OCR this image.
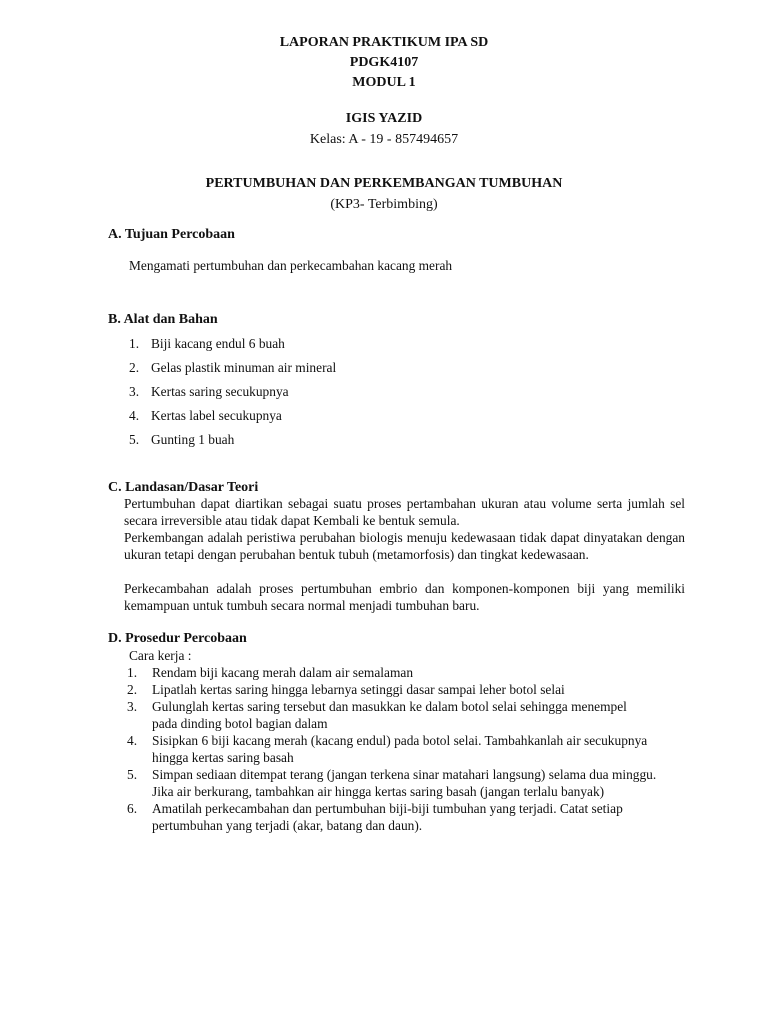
LAPORAN PRAKTIKUM IPA SD
PDGK4107
MODUL 1
IGIS YAZID
Kelas: A - 19 - 857494657
PERTUMBUHAN DAN PERKEMBANGAN TUMBUHAN
(KP3- Terbimbing)
A. Tujuan Percobaan
Mengamati pertumbuhan dan perkecambahan kacang merah
B. Alat dan Bahan
1. Biji kacang endul 6 buah
2. Gelas plastik minuman air mineral
3. Kertas saring secukupnya
4. Kertas label secukupnya
5. Gunting 1 buah
C. Landasan/Dasar Teori
Pertumbuhan dapat diartikan sebagai suatu proses pertambahan ukuran atau volume serta jumlah sel secara irreversible atau tidak dapat Kembali ke bentuk semula.
Perkembangan adalah peristiwa perubahan biologis menuju kedewasaan tidak dapat dinyatakan dengan ukuran tetapi dengan perubahan bentuk tubuh (metamorfosis) dan tingkat kedewasaan.
Perkecambahan adalah proses pertumbuhan embrio dan komponen-komponen biji yang memiliki kemampuan untuk tumbuh secara normal menjadi tumbuhan baru.
D. Prosedur Percobaan
Cara kerja :
1. Rendam biji kacang merah dalam air semalaman
2. Lipatlah kertas saring hingga lebarnya setinggi dasar sampai leher botol selai
3. Gulunglah kertas saring tersebut dan masukkan ke dalam botol selai sehingga menempel pada dinding botol bagian dalam
4. Sisipkan 6 biji kacang merah (kacang endul) pada botol selai. Tambahkanlah air secukupnya hingga kertas saring basah
5. Simpan sediaan ditempat terang (jangan terkena sinar matahari langsung) selama dua minggu. Jika air berkurang, tambahkan air hingga kertas saring basah (jangan terlalu banyak)
6. Amatilah perkecambahan dan pertumbuhan biji-biji tumbuhan yang terjadi. Catat setiap pertumbuhan yang terjadi (akar, batang dan daun).
